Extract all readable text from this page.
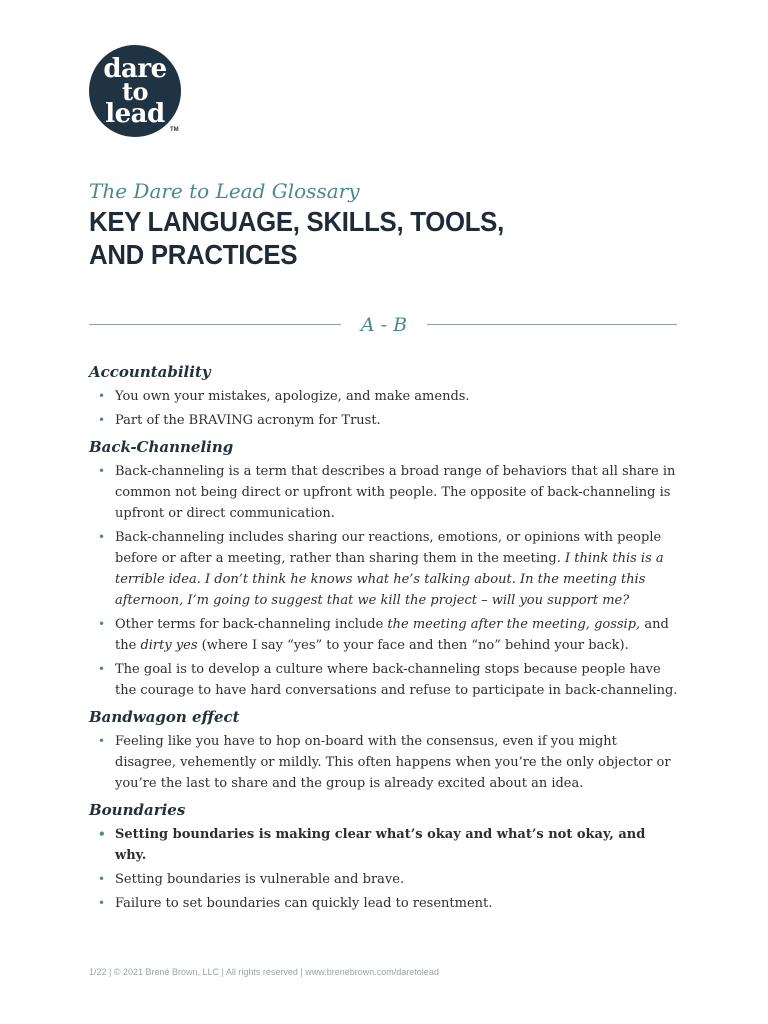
dare
to
lead
TM
The Dare to Lead Glossary
KEY LANGUAGE, SKILLS, TOOLS,
AND PRACTICES
A - B
Accountability
• You own your mistakes, apologize, and make amends.
• Part of the BRAVING acronym for Trust.
Back-Channeling
• Back-channeling is a term that describes a broad range of behaviors that all share in common not being direct or upfront with people. The opposite of back-channeling is upfront or direct communication.
• Back-channeling includes sharing our reactions, emotions, or opinions with people before or after a meeting, rather than sharing them in the meeting. I think this is a terrible idea. I don’t think he knows what he’s talking about. In the meeting this afternoon, I’m going to suggest that we kill the project – will you support me?
• Other terms for back-channeling include the meeting after the meeting, gossip, and the dirty yes (where I say “yes” to your face and then “no” behind your back).
• The goal is to develop a culture where back-channeling stops because people have the courage to have hard conversations and refuse to participate in back-channeling.
Bandwagon effect
• Feeling like you have to hop on-board with the consensus, even if you might disagree, vehemently or mildly. This often happens when you’re the only objector or you’re the last to share and the group is already excited about an idea.
Boundaries
• Setting boundaries is making clear what’s okay and what’s not okay, and why.
• Setting boundaries is vulnerable and brave.
• Failure to set boundaries can quickly lead to resentment.
1/22 | © 2021 Brené Brown, LLC | All rights reserved | www.brenebrown.com/daretolead
